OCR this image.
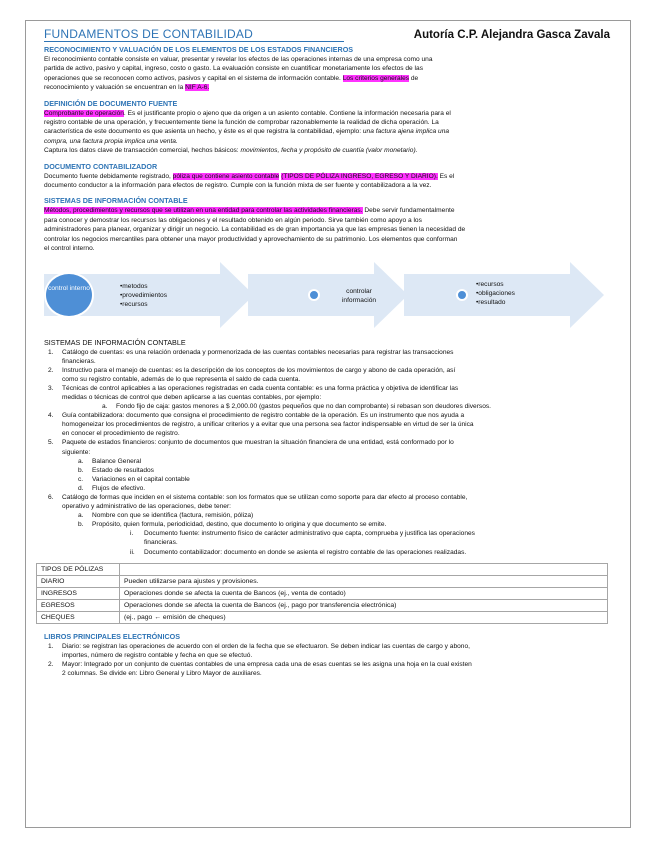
FUNDAMENTOS DE CONTABILIDAD	Autoría C.P. Alejandra Gasca Zavala
RECONOCIMIENTO Y VALUACIÓN DE LOS ELEMENTOS DE LOS ESTADOS FINANCIEROS

El reconocimiento contable consiste en valuar, presentar y revelar los efectos de las operaciones internas de una empresa como una

partida de activo, pasivo y capital, ingreso, costo o gasto. La evaluación consiste en cuantificar monetariamente los efectos de las

operaciones que se reconocen como activos, pasivos y capital en el sistema de información contable. Los criterios generales de

reconocimiento y valuación se encuentran en la NIF A-6.

DEFINICIÓN DE DOCUMENTO FUENTE

Comprobante de operación. Es el justificante propio o ajeno que da origen a un asiento contable. Contiene la información necesaria para el

registro contable de una operación, y frecuentemente tiene la función de comprobar razonablemente la realidad de dicha operación. La

característica de este documento es que asienta un hecho, y éste es el que registra la contabilidad, ejemplo: una factura ajena implica una

compra, una factura propia implica una venta.

Captura los datos clave de transacción comercial, hechos básicos: movimientos, fecha y propósito de cuantía (valor monetario).

DOCUMENTO CONTABILIZADOR

Documento fuente debidamente registrado, póliza que contiene asiento contable (TIPOS DE PÓLIZA INGRESO, EGRESO Y DIARIO). Es el

documento conductor a la información para efectos de registro. Cumple con la función mixta de ser fuente y contabilizadora a la vez.

SISTEMAS DE INFORMACIÓN CONTABLE

Métodos, procedimientos y recursos que se utilizan en una entidad para controlar las actividades financieras. Debe servir fundamentalmente

para conocer y demostrar los recursos las obligaciones y el resultado obtenido en algún periodo. Sirve también como apoyo a los

administradores para planear, organizar y dirigir un negocio. La contabilidad es de gran importancia ya que las empresas tienen la necesidad de

controlar los negocios mercantiles para obtener una mayor productividad y aprovechamiento de su patrimonio. Los elementos que conforman

el control interno.

control interno	•metodos
•provedimientos
•recursos
controlar información
•recursos
•obligaciones
•resultado
SISTEMAS DE INFORMACIÓN CONTABLE
1. Catálogo de cuentas: es una relación ordenada y pormenorizada de las cuentas contables necesarias para registrar las transacciones
financieras.
2. Instructivo para el manejo de cuentas: es la descripción de los conceptos de los movimientos de cargo y abono de cada operación, así
como su registro contable, además de lo que representa el saldo de cada cuenta.
3. Técnicas de control aplicables a las operaciones registradas en cada cuenta contable: es una forma práctica y objetiva de identificar las
medidas o técnicas de control que deben aplicarse a las cuentas contables, por ejemplo:
a. Fondo fijo de caja: gastos menores a $ 2,000.00 (gastos pequeños que no dan comprobante) si rebasan son deudores diversos.
4. Guía contabilizadora: documento que consigna el procedimiento de registro contable de la operación. Es un instrumento que nos ayuda a
homogeneizar los procedimientos de registro, a unificar criterios y a evitar que una persona sea factor indispensable en virtud de ser la única
en conocer el procedimiento de registro.
5. Paquete de estados financieros: conjunto de documentos que muestran la situación financiera de una entidad, está conformado por lo
siguiente:
a. Balance General
b. Estado de resultados
c. Variaciones en el capital contable
d. Flujos de efectivo.
6. Catálogo de formas que inciden en el sistema contable: son los formatos que se utilizan como soporte para dar efecto al proceso contable,
operativo y administrativo de las operaciones, debe tener:
a. Nombre con que se identifica (factura, remisión, póliza)
b. Propósito, quien formula, periodicidad, destino, que documento lo origina y que documento se emite.
i. Documento fuente: instrumento físico de carácter administrativo que capta, comprueba y justifica las operaciones
financieras.
ii. Documento contabilizador: documento en donde se asienta el registro contable de las operaciones realizadas.
TIPOS DE PÓLIZAS	
DIARIO	Pueden utilizarse para ajustes y provisiones.
INGRESOS	Operaciones donde se afecta la cuenta de Bancos (ej., venta de contado)
EGRESOS	Operaciones donde se afecta la cuenta de Bancos (ej., pago por transferencia electrónica)
CHEQUES	(ej., pago ← emisión de cheques)
LIBROS PRINCIPALES ELECTRÓNICOS
1. Diario: se registran las operaciones de acuerdo con el orden de la fecha que se efectuaron. Se deben indicar las cuentas de cargo y abono,
importes, número de registro contable y fecha en que se efectuó.
2. Mayor: Integrado por un conjunto de cuentas contables de una empresa cada una de esas cuentas se les asigna una hoja en la cual existen
2 columnas. Se divide en: Libro General y Libro Mayor de auxiliares.
